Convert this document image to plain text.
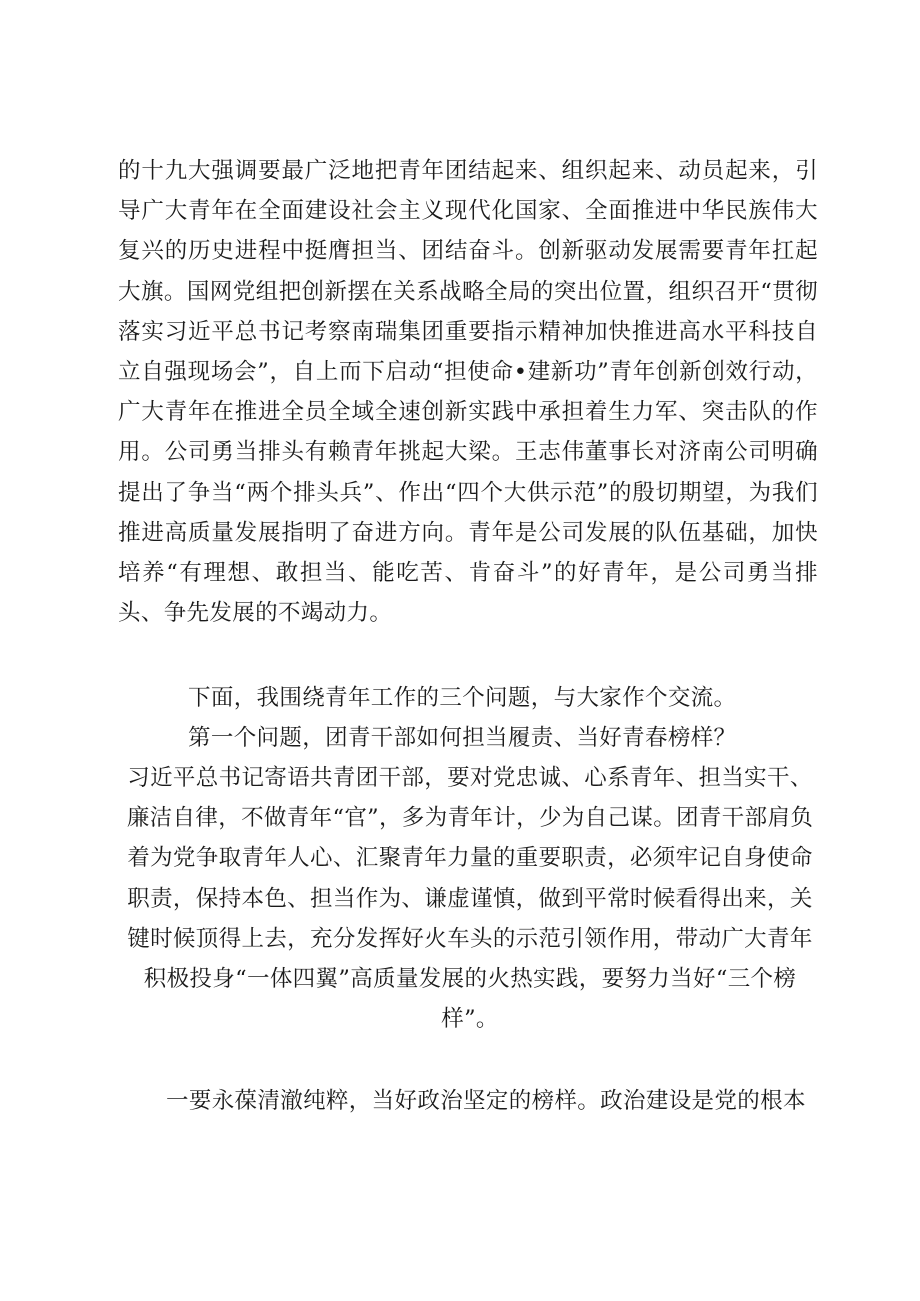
的十九大强调要最广泛地把青年团结起来、组织起来、动员起来，引导广大青年在全面建设社会主义现代化国家、全面推进中华民族伟大复兴的历史进程中挺膺担当、团结奋斗。创新驱动发展需要青年扛起大旗。国网党组把创新摆在关系战略全局的突出位置，组织召开“贯彻落实习近平总书记考察南瑞集团重要指示精神加快推进高水平科技自立自强现场会”，自上而下启动“担使命•建新功”青年创新创效行动，广大青年在推进全员全域全速创新实践中承担着生力军、突击队的作用。公司勇当排头有赖青年挑起大梁。王志伟董事长对济南公司明确提出了争当“两个排头兵”、作出“四个大供示范”的殷切期望，为我们推进高质量发展指明了奋进方向。青年是公司发展的队伍基础，加快培养“有理想、敢担当、能吃苦、肯奋斗”的好青年，是公司勇当排头、争先发展的不竭动力。

下面，我围绕青年工作的三个问题，与大家作个交流。

第一个问题，团青干部如何担当履责、当好青春榜样？

习近平总书记寄语共青团干部，要对党忠诚、心系青年、担当实干、廉洁自律，不做青年“官”，多为青年计，少为自己谋。团青干部肩负着为党争取青年人心、汇聚青年力量的重要职责，必须牢记自身使命职责，保持本色、担当作为、谦虚谨慎，做到平常时候看得出来，关键时候顶得上去，充分发挥好火车头的示范引领作用，带动广大青年积极投身“一体四翼”高质量发展的火热实践，要努力当好“三个榜样”。

一要永葆清澈纯粹，当好政治坚定的榜样。政治建设是党的根本
